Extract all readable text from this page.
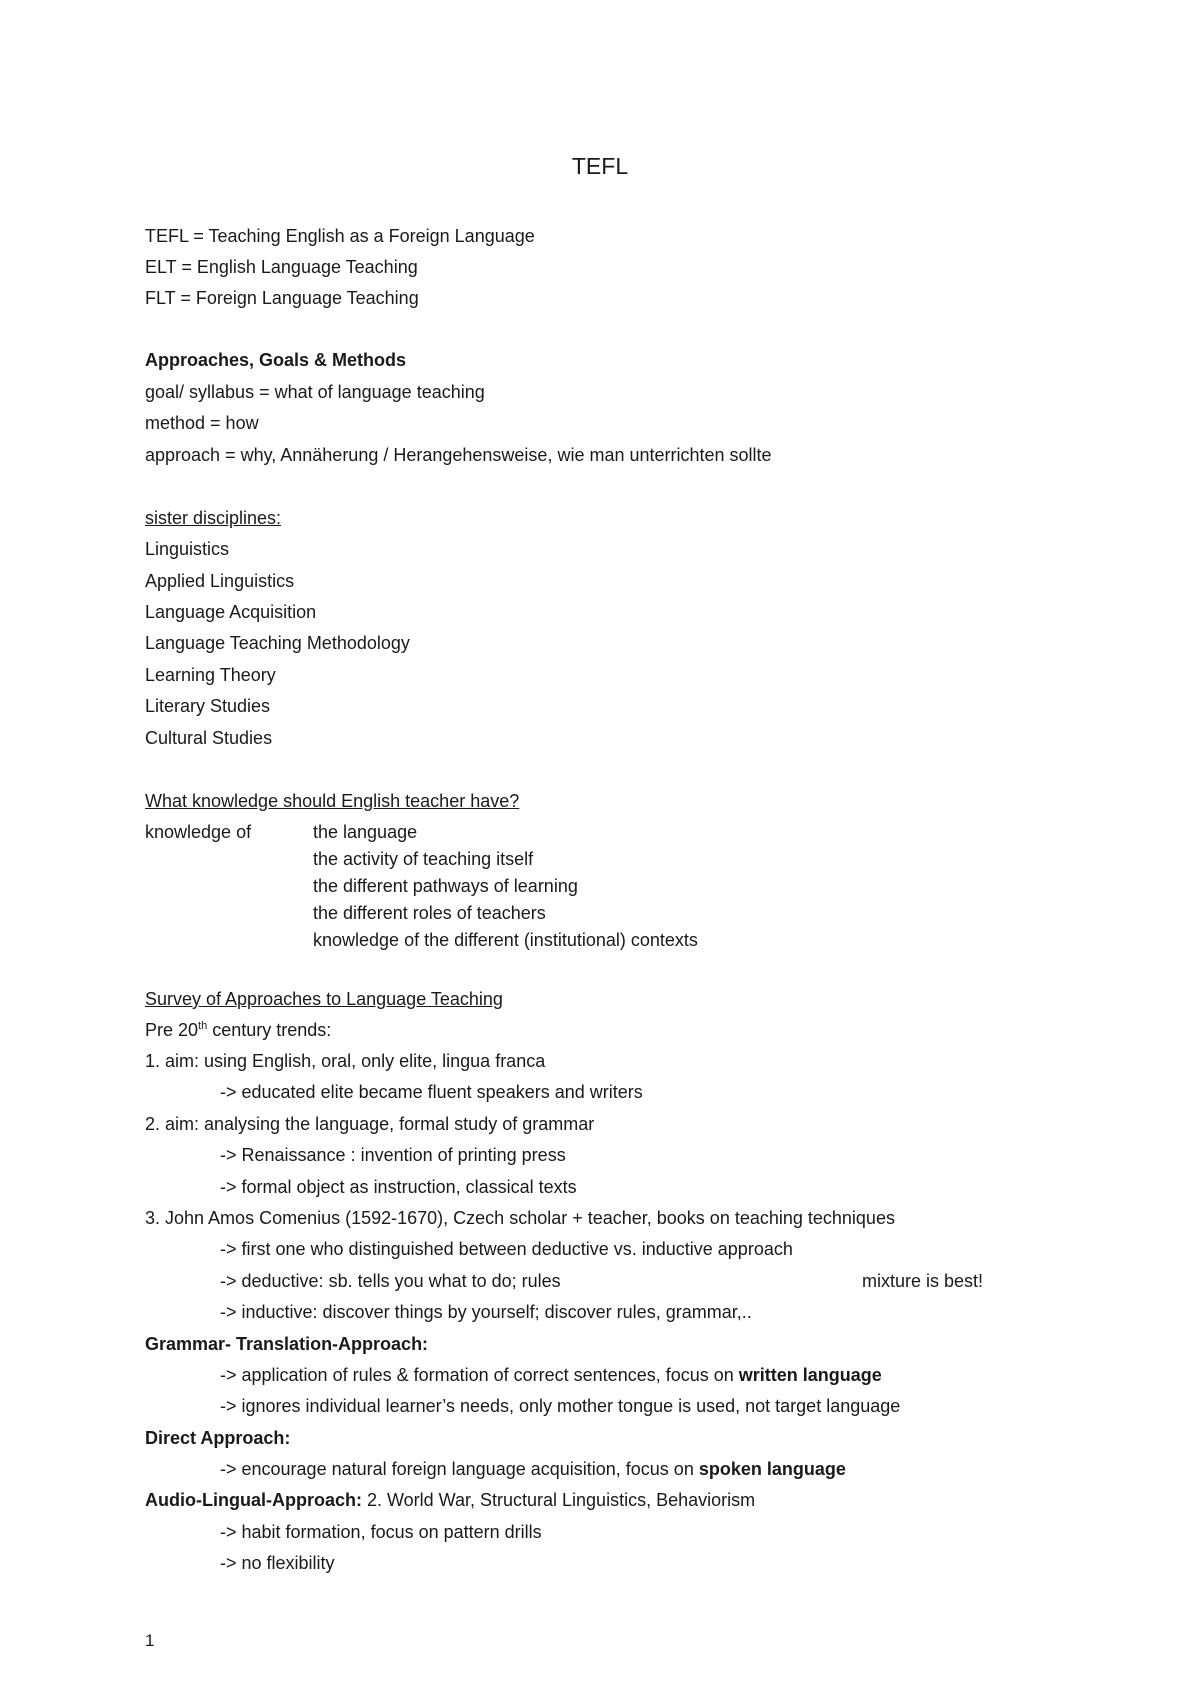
TEFL
TEFL = Teaching English as a Foreign Language
ELT = English Language Teaching
FLT = Foreign Language Teaching
Approaches, Goals & Methods
goal/ syllabus = what of language teaching
method = how
approach = why, Annäherung / Herangehensweise, wie man unterrichten sollte
sister disciplines:
Linguistics
Applied Linguistics
Language Acquisition
Language Teaching Methodology
Learning Theory
Literary Studies
Cultural Studies
What knowledge should English teacher have?
knowledge of	the language
the activity of teaching itself
the different pathways of learning
the different roles of teachers
knowledge of the different (institutional) contexts
Survey of Approaches to Language Teaching
Pre 20th century trends:
1. aim: using English, oral, only elite, lingua franca
-> educated elite became fluent speakers and writers
2. aim: analysing the language, formal study of grammar
-> Renaissance : invention of printing press
-> formal object as instruction, classical texts
3. John Amos Comenius (1592-1670), Czech scholar + teacher, books on teaching techniques
-> first one who distinguished between deductive vs. inductive approach
-> deductive: sb. tells you what to do; rules	mixture is best!
-> inductive: discover things by yourself; discover rules, grammar,..
Grammar- Translation-Approach:
-> application of rules & formation of correct sentences, focus on written language
-> ignores individual learner’s needs, only mother tongue is used, not target language
Direct Approach:
-> encourage natural foreign language acquisition, focus on spoken language
Audio-Lingual-Approach: 2. World War, Structural Linguistics, Behaviorism
-> habit formation, focus on pattern drills
-> no flexibility
1
